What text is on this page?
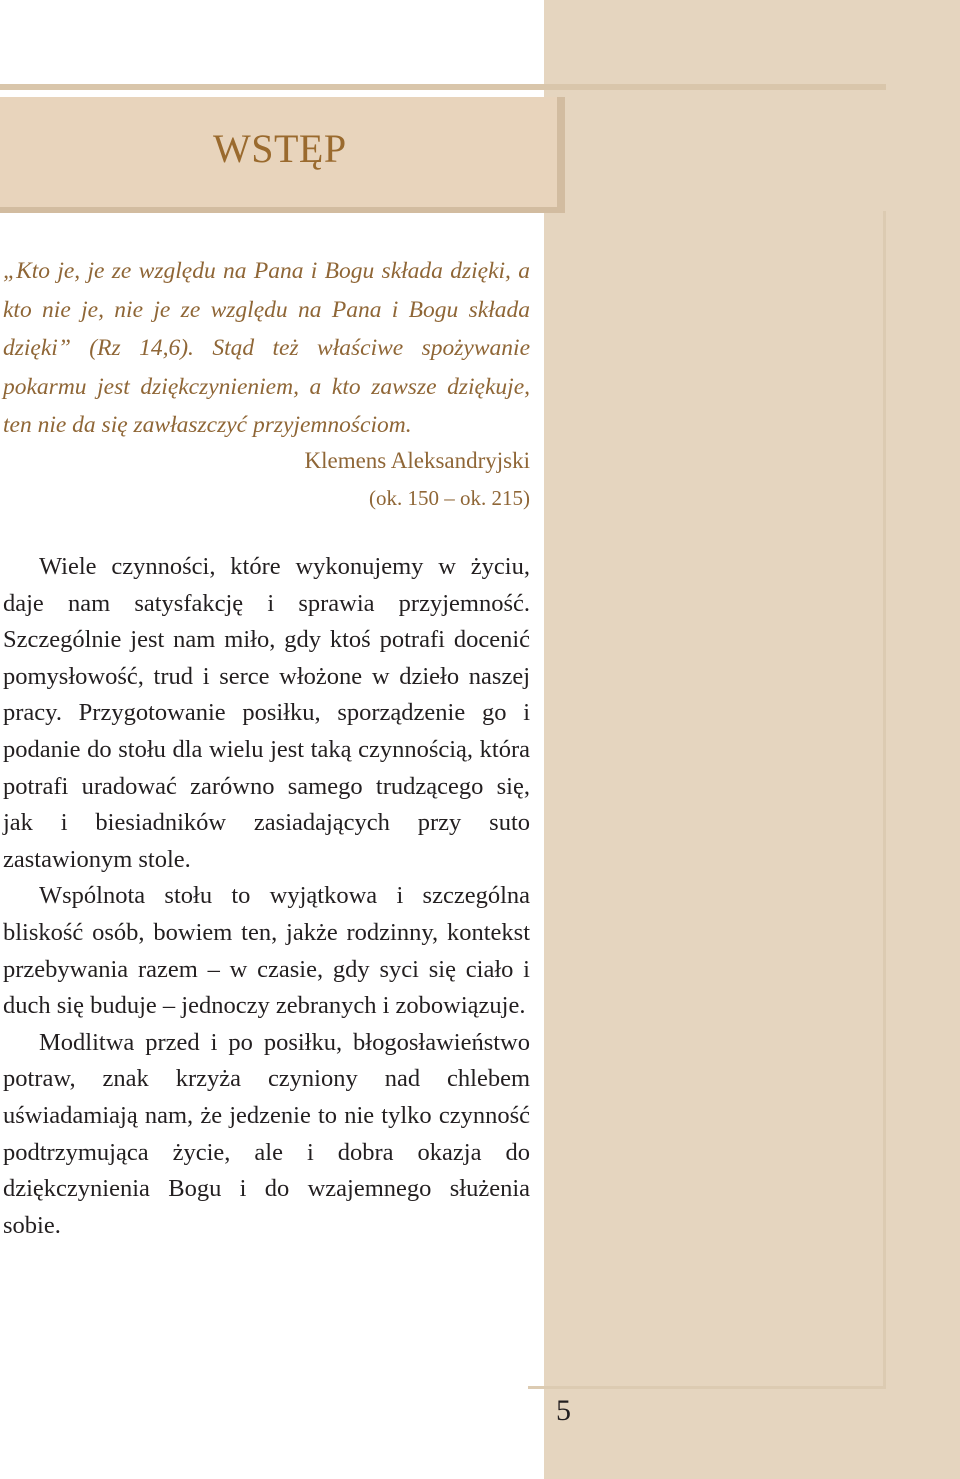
WSTĘP

„Kto je, je ze względu na Pana i Bogu składa dzięki, a kto nie je, nie je ze względu na Pana i Bogu składa dzięki” (Rz 14,6). Stąd też właściwe spożywanie pokarmu jest dziękczynieniem, a kto zawsze dziękuje, ten nie da się zawłaszczyć przyjemnościom.

Klemens Aleksandryjski
(ok. 150 – ok. 215)

Wiele czynności, które wykonujemy w życiu, daje nam satysfakcję i sprawia przyjemność. Szczególnie jest nam miło, gdy ktoś potrafi docenić pomysłowość, trud i serce włożone w dzieło naszej pracy. Przygotowanie posiłku, sporządzenie go i podanie do stołu dla wielu jest taką czynnością, która potrafi uradować zarówno samego trudzącego się, jak i biesiadników zasiadających przy suto zastawionym stole.

Wspólnota stołu to wyjątkowa i szczególna bliskość osób, bowiem ten, jakże rodzinny, kontekst przebywania razem – w czasie, gdy syci się ciało i duch się buduje – jednoczy zebranych i zobowiązuje.

Modlitwa przed i po posiłku, błogosławieństwo potraw, znak krzyża czyniony nad chlebem uświadamiają nam, że jedzenie to nie tylko czynność podtrzymująca życie, ale i dobra okazja do dziękczynienia Bogu i do wzajemnego służenia sobie.

5
